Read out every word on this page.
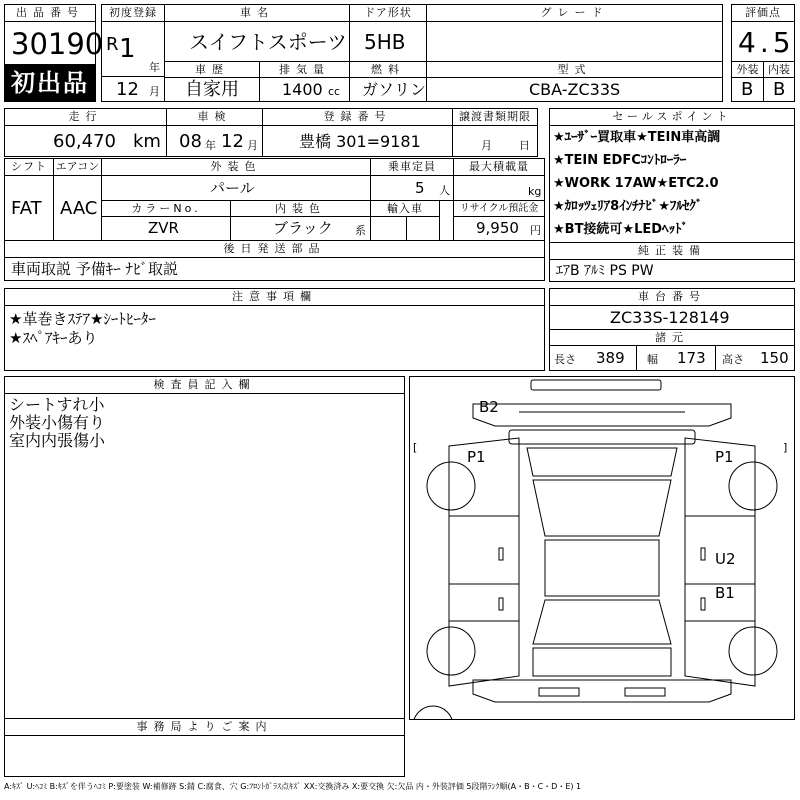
出品番号
30190
初出品
初度登録
R 1
年
12 月
車名
スイフトスポーツ
ドア形状
5HB
グレード
車歴
自家用
排気量
1400 cc
燃料
ガソリン
型式
CBA-ZC33S
評価点
4.5
外装 内装
B B
走行
60,470 km
車検
08 年 12 月
登録番号
豊橋 301=9181
譲渡書類期限
月 日
セールスポイント
★ﾕｰｻﾞｰ買取車★TEIN車高調
★TEIN EDFCｺﾝﾄﾛｰﾗｰ
★WORK 17AW★ETC2.0
★ｶﾛｯﾂｪﾘｱ8ｲﾝﾁﾅﾋﾞ★ﾌﾙｾｸﾞ
★BT接続可★LEDﾍｯﾄﾞ
シフト
FAT
エアコン
AAC
外装色
パール
乗車定員
5 人
最大積載量
kg
カラーNo.
ZVR
内装色
ブラック 系
輸入車	リサイクル預託金
9,950 円
後日発送部品
車両取説 予備ｷｰ ﾅﾋﾞ取説
純正装備
ｴｱB ｱﾙﾐ PS PW
注意事項欄
★革巻きｽﾃｱ★ｼｰﾄﾋｰﾀｰ
★ｽﾍﾟｱｷｰあり
車台番号
ZC33S-128149
諸元
長さ 389 幅 173 高さ 150
検査員記入欄
シートすれ小
外装小傷有り
室内内張傷小
事務局よりご案内
B2
P1	P1
U2
B1
[	]
A:ｷｽﾞ U:ﾍｺﾐ B:ｷｽﾞを伴うﾍｺﾐ P:要塗装 W:補修跡 S:錆 C:腐食、穴 G:ﾌﾛﾝﾄｶﾞﾗｽ点ｷｽﾞ XX:交換済み X:要交換 欠:欠品 内・外装評価 5段階ﾗﾝｸ順(A・B・C・D・E) 1
